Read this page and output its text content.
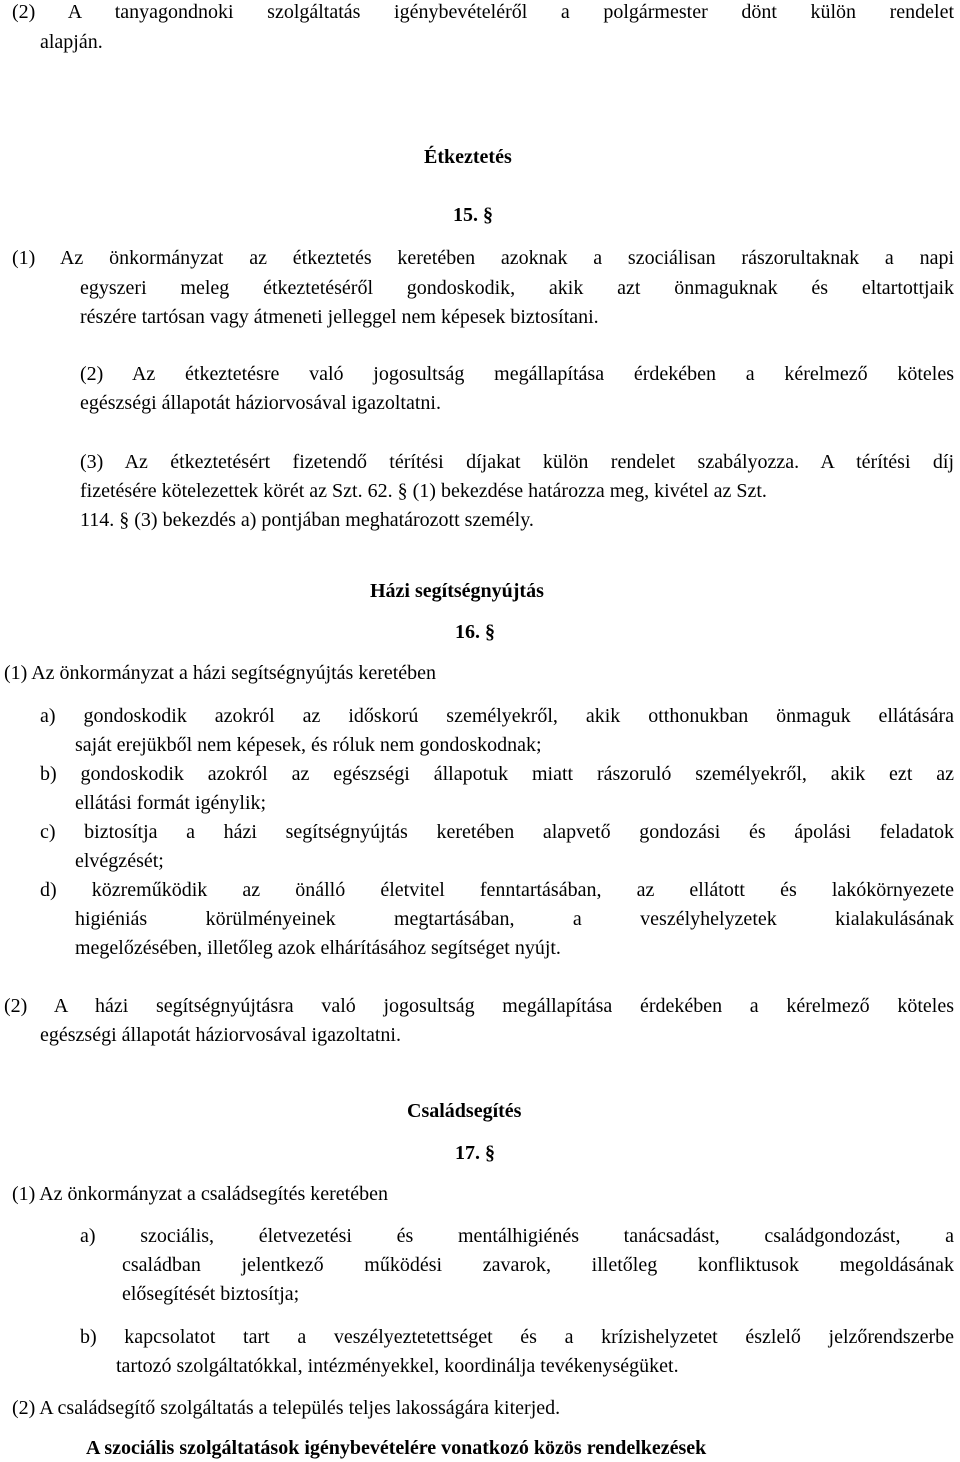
(2) A tanyagondnoki szolgáltatás igénybevételéről a polgármester dönt külön rendelet
alapján.
Étkeztetés
15. §
(1) Az önkormányzat az étkeztetés keretében azoknak a szociálisan rászorultaknak a napi
egyszeri meleg étkeztetéséről gondoskodik, akik azt önmaguknak és eltartottjaik
részére tartósan vagy átmeneti jelleggel nem képesek biztosítani.
(2) Az étkeztetésre való jogosultság megállapítása érdekében a kérelmező köteles
egészségi állapotát háziorvosával igazoltatni.
(3) Az étkeztetésért fizetendő térítési díjakat külön rendelet szabályozza. A térítési díj
fizetésére kötelezettek körét az Szt. 62. § (1) bekezdése határozza meg, kivétel az Szt.
114. § (3) bekezdés a) pontjában meghatározott személy.
Házi segítségnyújtás
16. §
(1) Az önkormányzat a házi segítségnyújtás keretében
a) gondoskodik azokról az időskorú személyekről, akik otthonukban önmaguk ellátására
saját erejükből nem képesek, és róluk nem gondoskodnak;
b) gondoskodik azokról az egészségi állapotuk miatt rászoruló személyekről, akik ezt az
ellátási formát igénylik;
c) biztosítja a házi segítségnyújtás keretében alapvető gondozási és ápolási feladatok
elvégzését;
d) közreműködik az önálló életvitel fenntartásában, az ellátott és lakókörnyezete
higiéniás körülményeinek megtartásában, a veszélyhelyzetek kialakulásának
megelőzésében, illetőleg azok elhárításához segítséget nyújt.
(2) A házi segítségnyújtásra való jogosultság megállapítása érdekében a kérelmező köteles
egészségi állapotát háziorvosával igazoltatni.
Családsegítés
17. §
(1) Az önkormányzat a családsegítés keretében
a) szociális, életvezetési és mentálhigiénés tanácsadást, családgondozást, a
családban jelentkező működési zavarok, illetőleg konfliktusok megoldásának
elősegítését biztosítja;
b) kapcsolatot tart a veszélyeztetettséget és a krízishelyzetet észlelő jelzőrendszerbe
tartozó szolgáltatókkal, intézményekkel, koordinálja tevékenységüket.
(2) A családsegítő szolgáltatás a település teljes lakosságára kiterjed.
A szociális szolgáltatások igénybevételére vonatkozó közös rendelkezések
